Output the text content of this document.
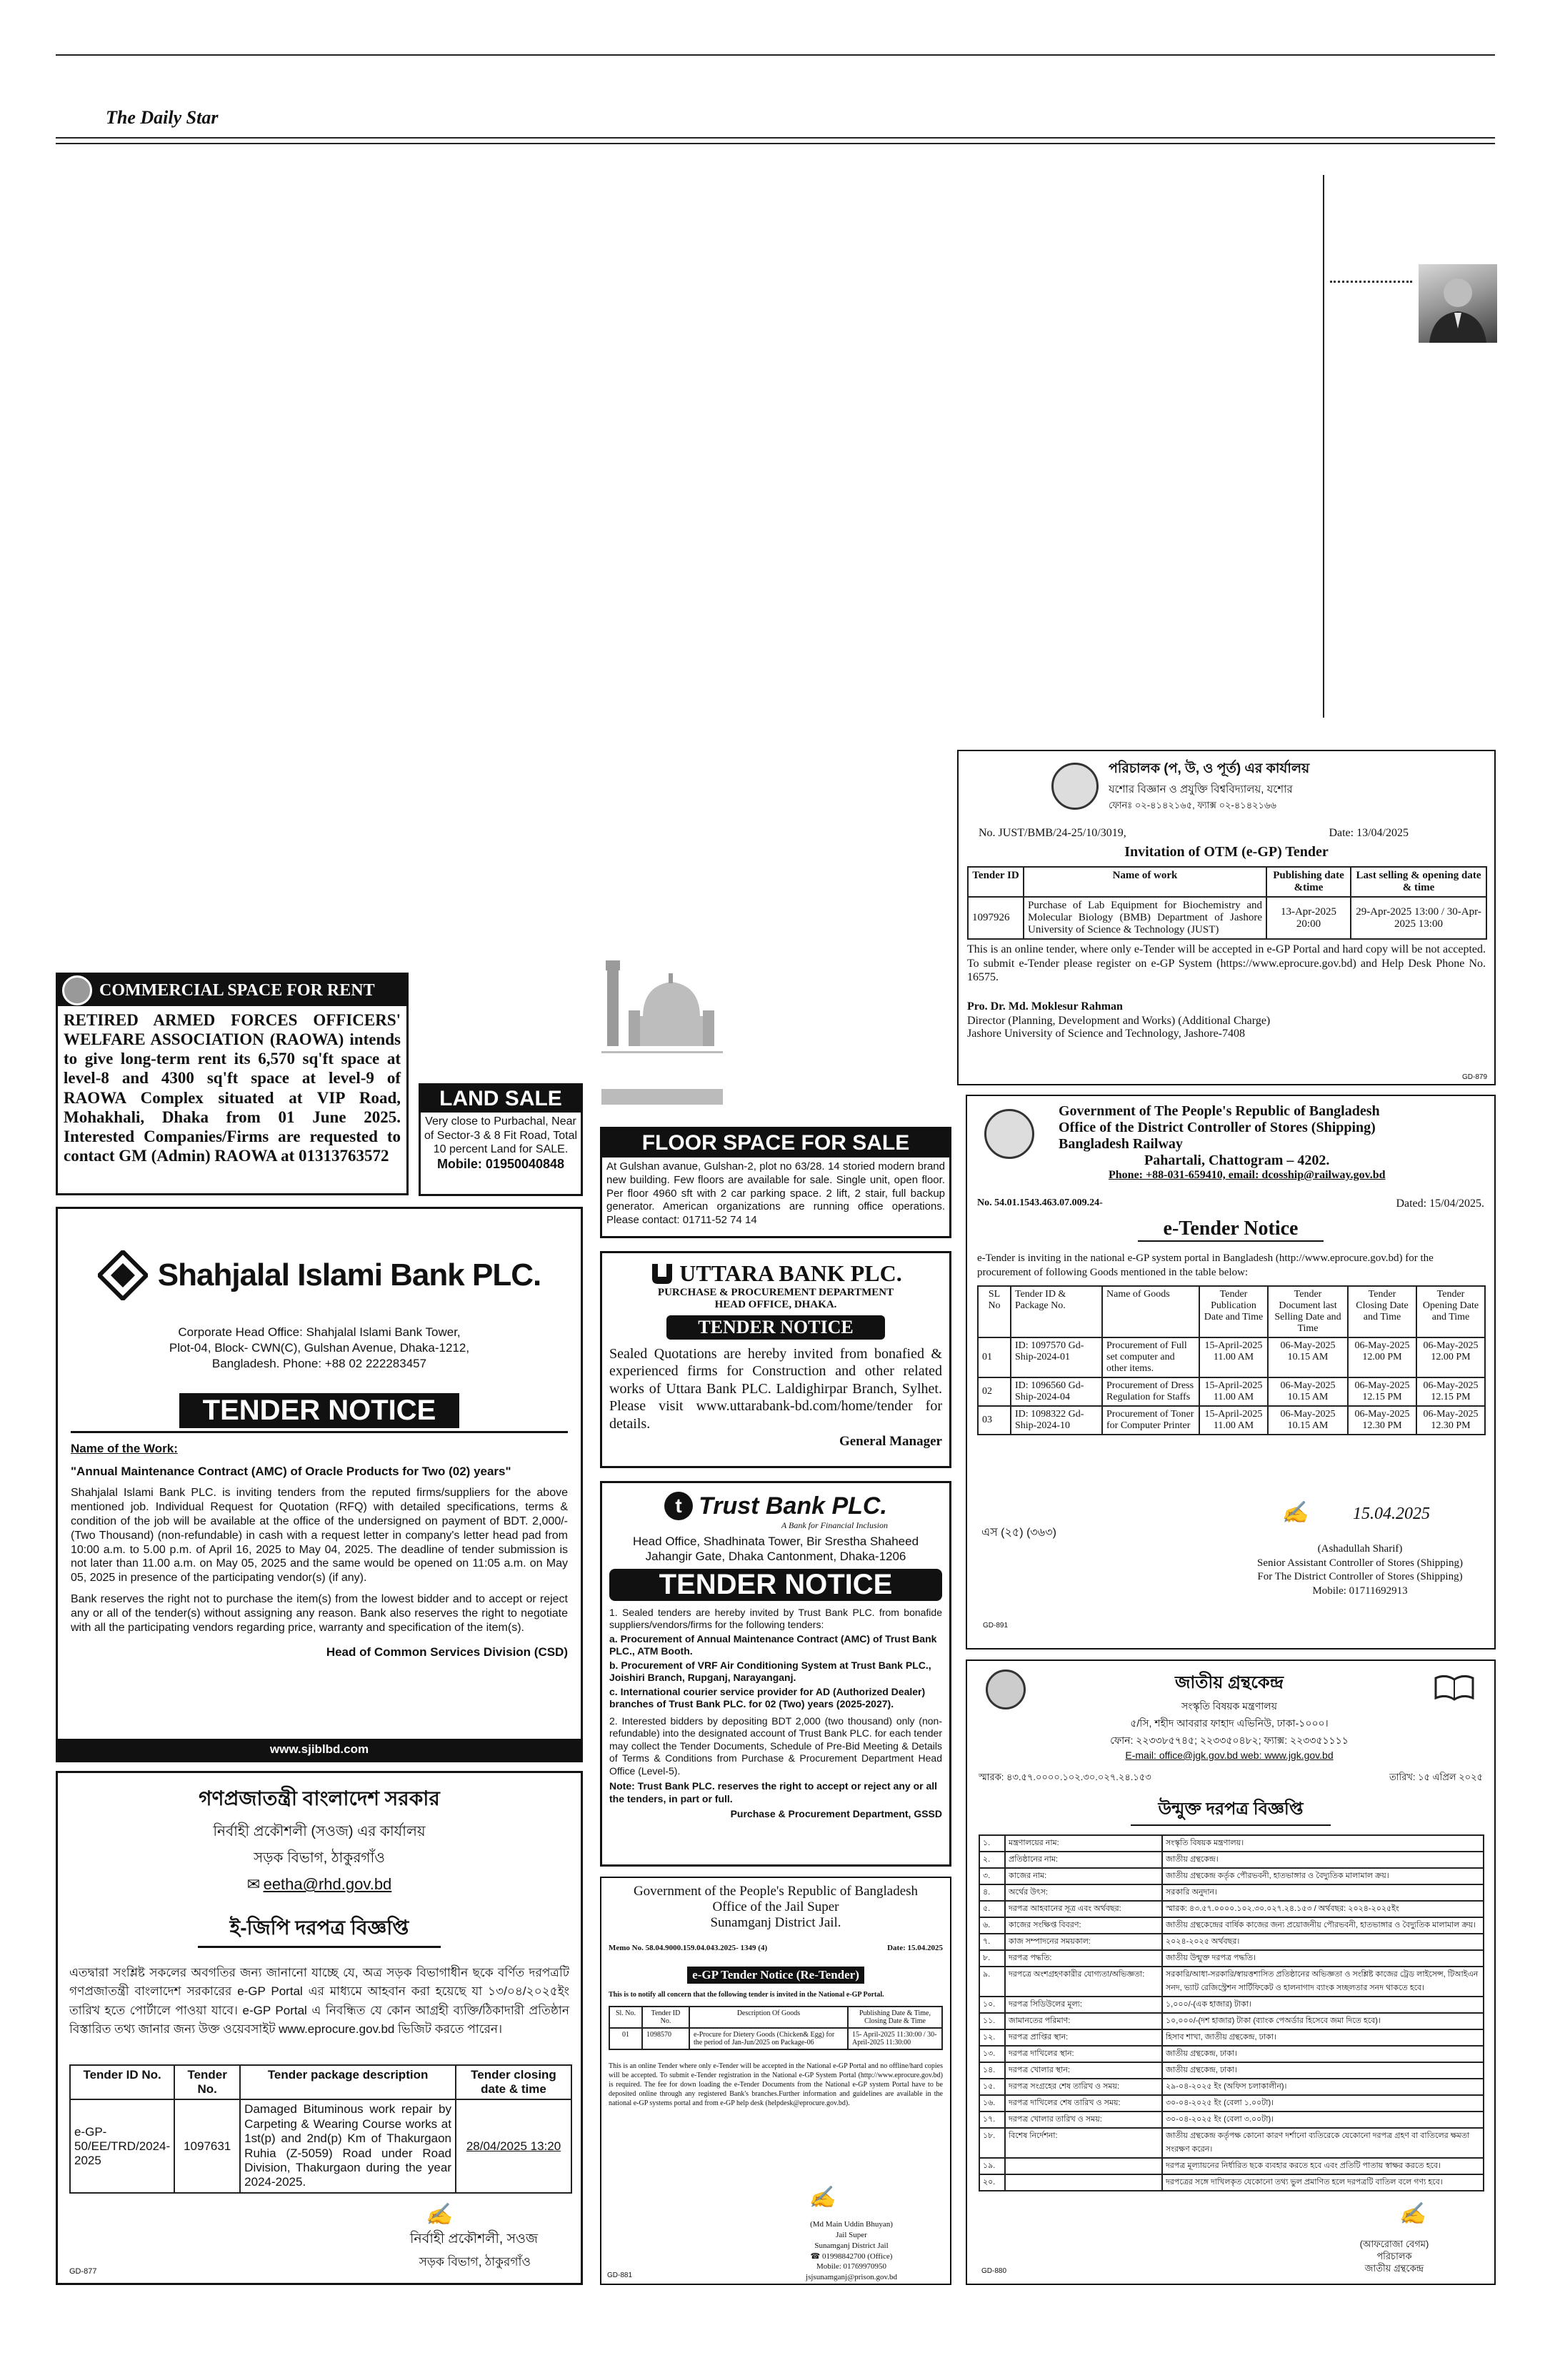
The Daily Star
COMMERCIAL SPACE FOR RENT
RETIRED ARMED FORCES OFFICERS' WELFARE ASSOCIATION (RAOWA) intends to give long-term rent its 6,570 sq'ft space at level-8 and 4300 sq'ft space at level-9 of RAOWA Complex situated at VIP Road, Mohakhali, Dhaka from 01 June 2025. Interested Companies/Firms are requested to contact GM (Admin) RAOWA at 01313763572
LAND SALE
Very close to Purbachal, Near of Sector-3 & 8 Fit Road, Total 10 percent Land for SALE.
Mobile: 01950040848
FLOOR SPACE FOR SALE
At Gulshan avanue, Gulshan-2, plot no 63/28. 14 storied modern brand new building. Few floors are available for sale. Single unit, open floor. Per floor 4960 sft with 2 car parking space. 2 lift, 2 stair, full backup generator. American organizations are running office operations. Please contact: 01711-52 74 14
Shahjalal Islami Bank PLC.
Corporate Head Office: Shahjalal Islami Bank Tower, Plot-04, Block- CWN(C), Gulshan Avenue, Dhaka-1212, Bangladesh. Phone: +88 02 222283457
TENDER NOTICE
Name of the Work:
"Annual Maintenance Contract (AMC) of Oracle Products for Two (02) years"
Shahjalal Islami Bank PLC. is inviting tenders from the reputed firms/suppliers for the above mentioned job. Individual Request for Quotation (RFQ) with detailed specifications, terms & condition of the job will be available at the office of the undersigned on payment of BDT. 2,000/- (Two Thousand) (non-refundable) in cash with a request letter in company's letter head pad from 10:00 a.m. to 5.00 p.m. of April 16, 2025 to May 04, 2025. The deadline of tender submission is not later than 11.00 a.m. on May 05, 2025 and the same would be opened on 11:05 a.m. on May 05, 2025 in presence of the participating vendor(s) (if any).
Bank reserves the right not to purchase the item(s) from the lowest bidder and to accept or reject any or all of the tender(s) without assigning any reason. Bank also reserves the right to negotiate with all the participating vendors regarding price, warranty and specification of the item(s).
Head of Common Services Division (CSD)
www.sjiblbd.com
UTTARA BANK PLC.
PURCHASE & PROCUREMENT DEPARTMENT
HEAD OFFICE, DHAKA.
TENDER NOTICE
Sealed Quotations are hereby invited from bonafied & experienced firms for Construction and other related works of Uttara Bank PLC. Laldighirpar Branch, Sylhet. Please visit www.uttarabank-bd.com/home/tender for details.
General Manager
t Trust Bank PLC.
A Bank for Financial Inclusion
Head Office, Shadhinata Tower, Bir Srestha Shaheed Jahangir Gate, Dhaka Cantonment, Dhaka-1206
TENDER NOTICE
1. Sealed tenders are hereby invited by Trust Bank PLC. from bonafide suppliers/vendors/firms for the following tenders:
a. Procurement of Annual Maintenance Contract (AMC) of Trust Bank PLC., ATM Booth.
b. Procurement of VRF Air Conditioning System at Trust Bank PLC., Joishiri Branch, Rupganj, Narayanganj.
c. International courier service provider for AD (Authorized Dealer) branches of Trust Bank PLC. for 02 (Two) years (2025-2027).
2. Interested bidders by depositing BDT 2,000 (two thousand) only (non-refundable) into the designated account of Trust Bank PLC. for each tender may collect the Tender Documents, Schedule of Pre-Bid Meeting & Details of Terms & Conditions from Purchase & Procurement Department Head Office (Level-5).
Note: Trust Bank PLC. reserves the right to accept or reject any or all the tenders, in part or full.
Purchase & Procurement Department, GSSD
গণপ্রজাতন্ত্রী বাংলাদেশ সরকার
নির্বাহী প্রকৌশলী (সওজ) এর কার্যালয়
সড়ক বিভাগ, ঠাকুরগাঁও
✉ eetha@rhd.gov.bd
ই-জিপি দরপত্র বিজ্ঞপ্তি
এতদ্বারা সংশ্লিষ্ট সকলের অবগতির জন্য জানানো যাচ্ছে যে, অত্র সড়ক বিভাগাধীন ছকে বর্ণিত দরপত্রটি গণপ্রজাতন্ত্রী বাংলাদেশ সরকারের e-GP Portal এর মাধ্যমে আহবান করা হয়েছে যা ১৩/০৪/২০২৫ইং তারিখ হতে পোর্টালে পাওয়া যাবে। e-GP Portal এ নিবন্ধিত যে কোন আগ্রহী ব্যক্তি/ঠিকাদারী প্রতিষ্ঠান বিস্তারিত তথ্য জানার জন্য উক্ত ওয়েবসাইট www.eprocure.gov.bd ভিজিট করতে পারেন।
Tender ID No.	Tender No.	Tender package description	Tender closing date & time
e-GP-50/EE/TRD/2024-2025	1097631	Damaged Bituminous work repair by Carpeting & Wearing Course works at 1st(p) and 2nd(p) Km of Thakurgaon Ruhia (Z-5059) Road under Road Division, Thakurgaon during the year 2024-2025.	28/04/2025 13:20
✍
নির্বাহী প্রকৌশলী, সওজ
সড়ক বিভাগ, ঠাকুরগাঁও
GD-877
Government of the People's Republic of Bangladesh
Office of the Jail Super
Sunamganj District Jail.
Memo No. 58.04.9000.159.04.043.2025- 1349 (4)	Date: 15.04.2025
e-GP Tender Notice (Re-Tender)
This is to notify all concern that the following tender is invited in the National e-GP Portal.
Sl. No.	Tender ID No.	Description Of Goods	Publishing Date & Time, Closing Date & Time
01	1098570	e-Procure for Dietery Goods (Chicken& Egg) for the period of Jan-Jun/2025 on Package-06	15- April-2025 11:30:00 / 30-April-2025 11:30:00
This is an online Tender where only e-Tender will be accepted in the National e-GP Portal and no offline/hard copies will be accepted. To submit e-Tender registration in the National e-GP System Portal (http://www.eprocure.gov.bd) is required. The fee for down loading the e-Tender Documents from the National e-GP system Portal have to be deposited online through any registered Bank's branches.Further information and guidelines are available in the national e-GP systems portal and from e-GP help desk (helpdesk@eprocure.gov.bd).
✍
(Md Main Uddin Bhuyan)
Jail Super
Sunamganj District Jail
☎ 01998842700 (Office)
Mobile: 01769970950
jsjsunamganj@prison.gov.bd
GD-881
পরিচালক (প, উ, ও পূর্ত) এর কার্যালয়
যশোর বিজ্ঞান ও প্রযুক্তি বিশ্ববিদ্যালয়, যশোর
ফোনঃ ০২-৪১৪২১৬৫, ফ্যাক্স ০২-৪১৪২১৬৬
No. JUST/BMB/24-25/10/3019,	Date: 13/04/2025
Invitation of OTM (e-GP) Tender
Tender ID	Name of work	Publishing date &time	Last selling & opening date & time
1097926	Purchase of Lab Equipment for Biochemistry and Molecular Biology (BMB) Department of Jashore University of Science & Technology (JUST)	13-Apr-2025 20:00	29-Apr-2025 13:00 / 30-Apr-2025 13:00
This is an online tender, where only e-Tender will be accepted in e-GP Portal and hard copy will be not accepted. To submit e-Tender please register on e-GP System (https://www.eprocure.gov.bd) and Help Desk Phone No. 16575.
Pro. Dr. Md. Moklesur Rahman
Director (Planning, Development and Works) (Additional Charge)
Jashore University of Science and Technology, Jashore-7408
GD-879
Government of The People's Republic of Bangladesh
Office of the District Controller of Stores (Shipping)
Bangladesh Railway
Pahartali, Chattogram – 4202.
Phone: +88-031-659410, email: dcosship@railway.gov.bd
No. 54.01.1543.463.07.009.24-	Dated: 15/04/2025.
e-Tender Notice
e-Tender is inviting in the national e-GP system portal in Bangladesh (http://www.eprocure.gov.bd) for the procurement of following Goods mentioned in the table below:
SL No	Tender ID & Package No.	Name of Goods	Tender Publication Date and Time	Tender Document last Selling Date and Time	Tender Closing Date and Time	Tender Opening Date and Time
01	ID: 1097570 Gd-Ship-2024-01	Procurement of Full set computer and other items.	15-April-2025 11.00 AM	06-May-2025 10.15 AM	06-May-2025 12.00 PM	06-May-2025 12.00 PM
02	ID: 1096560 Gd-Ship-2024-04	Procurement of Dress Regulation for Staffs	15-April-2025 11.00 AM	06-May-2025 10.15 AM	06-May-2025 12.15 PM	06-May-2025 12.15 PM
03	ID: 1098322 Gd-Ship-2024-10	Procurement of Toner for Computer Printer	15-April-2025 11.00 AM	06-May-2025 10.15 AM	06-May-2025 12.30 PM	06-May-2025 12.30 PM
এস (২৫) (৩৬৩)
✍	15.04.2025
(Ashadullah Sharif)
Senior Assistant Controller of Stores (Shipping)
For The District Controller of Stores (Shipping)
Mobile: 01711692913
GD-891
জাতীয় গ্রন্থকেন্দ্র
সংস্কৃতি বিষয়ক মন্ত্রণালয়
৫/সি, শহীদ আবরার ফাহাদ এভিনিউ, ঢাকা-১০০০।
ফোন: ২২৩৩৮৫৭৪৫; ২২৩৩৫০৪৮২; ফ্যাক্স: ২২৩৩৫১১১১
E-mail: office@jgk.gov.bd web: www.jgk.gov.bd
স্মারক: ৪৩.৫৭.০০০০.১০২.৩০.০২৭.২৪.১৫৩	তারিখ: ১৫ এপ্রিল ২০২৫
উন্মুক্ত দরপত্র বিজ্ঞপ্তি
১.	মন্ত্রণালয়ের নাম:	সংস্কৃতি বিষয়ক মন্ত্রণালয়।
২.	প্রতিষ্ঠানের নাম:	জাতীয় গ্রন্থকেন্দ্র।
৩.	কাজের নাম:	জাতীয় গ্রন্থকেন্দ্র কর্তৃক পৌরভবনী, হাতভাঙ্গার ও বৈদ্যুতিক মালামাল ক্রয়।
৪.	অর্থের উৎস:	সরকারি অনুদান।
৫.	দরপত্র আহবানের সূত্র এবং অর্থবছর:	স্মারক: ৪৩.৫৭.০০০০.১০২.৩০.০২৭.২৪.১৫৩ / অর্থবছর: ২০২৪-২০২৫ইং
৬.	কাজের সংক্ষিপ্ত বিবরণ:	জাতীয় গ্রন্থকেন্দ্রের বার্ষিক কাজের জন্য প্রয়োজনীয় পৌরভবনী, হাতভাঙ্গার ও বৈদ্যুতিক মালামাল ক্রয়।
৭.	কাজ সম্পাদনের সময়কাল:	২০২৪-২০২৫ অর্থবছর।
৮.	দরপত্র পদ্ধতি:	জাতীয় উন্মুক্ত দরপত্র পদ্ধতি।
৯.	দরপত্রে অংশগ্রহণকারীর যোগ্যতা/অভিজ্ঞতা:	সরকারি/আধা-সরকারি/স্বায়ত্তশাসিত প্রতিষ্ঠানের অভিজ্ঞতা ও সংশ্লিষ্ট কাজের ট্রেড লাইসেন্স, টিআইএন সনদ, ভ্যাট রেজিস্ট্রেশন সার্টিফিকেট ও হালনাগাদ ব্যাংক সচ্ছলতার সনদ থাকতে হবে।
১০.	দরপত্র সিডিউলের মূল্য:	১,০০০/-(এক হাজার) টাকা।
১১.	জামানতের পরিমাণ:	১০,০০০/-(দশ হাজার) টাকা (ব্যাংক পেঅর্ডার হিসেবে জমা দিতে হবে)।
১২.	দরপত্র প্রাপ্তির স্থান:	হিসাব শাখা, জাতীয় গ্রন্থকেন্দ্র, ঢাকা।
১৩.	দরপত্র দাখিলের স্থান:	জাতীয় গ্রন্থকেন্দ্র, ঢাকা।
১৪.	দরপত্র খোলার স্থান:	জাতীয় গ্রন্থকেন্দ্র, ঢাকা।
১৫.	দরপত্র সংগ্রহের শেষ তারিখ ও সময়:	২৯-০৪-২০২৫ ইং (অফিস চলাকালীন)।
১৬.	দরপত্র দাখিলের শেষ তারিখ ও সময়:	৩০-০৪-২০২৫ ইং (বেলা ১.০০টা)।
১৭.	দরপত্র খোলার তারিখ ও সময়:	৩০-০৪-২০২৫ ইং (বেলা ৩.০০টা)।
১৮.	বিশেষ নির্দেশনা:	জাতীয় গ্রন্থকেন্দ্র কর্তৃপক্ষ কোনো কারণ দর্শানো ব্যতিরেকে যেকোনো দরপত্র গ্রহণ বা বাতিলের ক্ষমতা সংরক্ষণ করেন।
১৯.		দরপত্র মূল্যায়নের নির্ধারিত ছকে ব্যবহার করতে হবে এবং প্রতিটি পাতায় স্বাক্ষর করতে হবে।
২০.		দরপত্রের সঙ্গে দাখিলকৃত যেকোনো তথ্য ভুল প্রমাণিত হলে দরপত্রটি বাতিল বলে গণ্য হবে।
✍
(আফরোজা বেগম)
পরিচালক
জাতীয় গ্রন্থকেন্দ্র
GD-880
